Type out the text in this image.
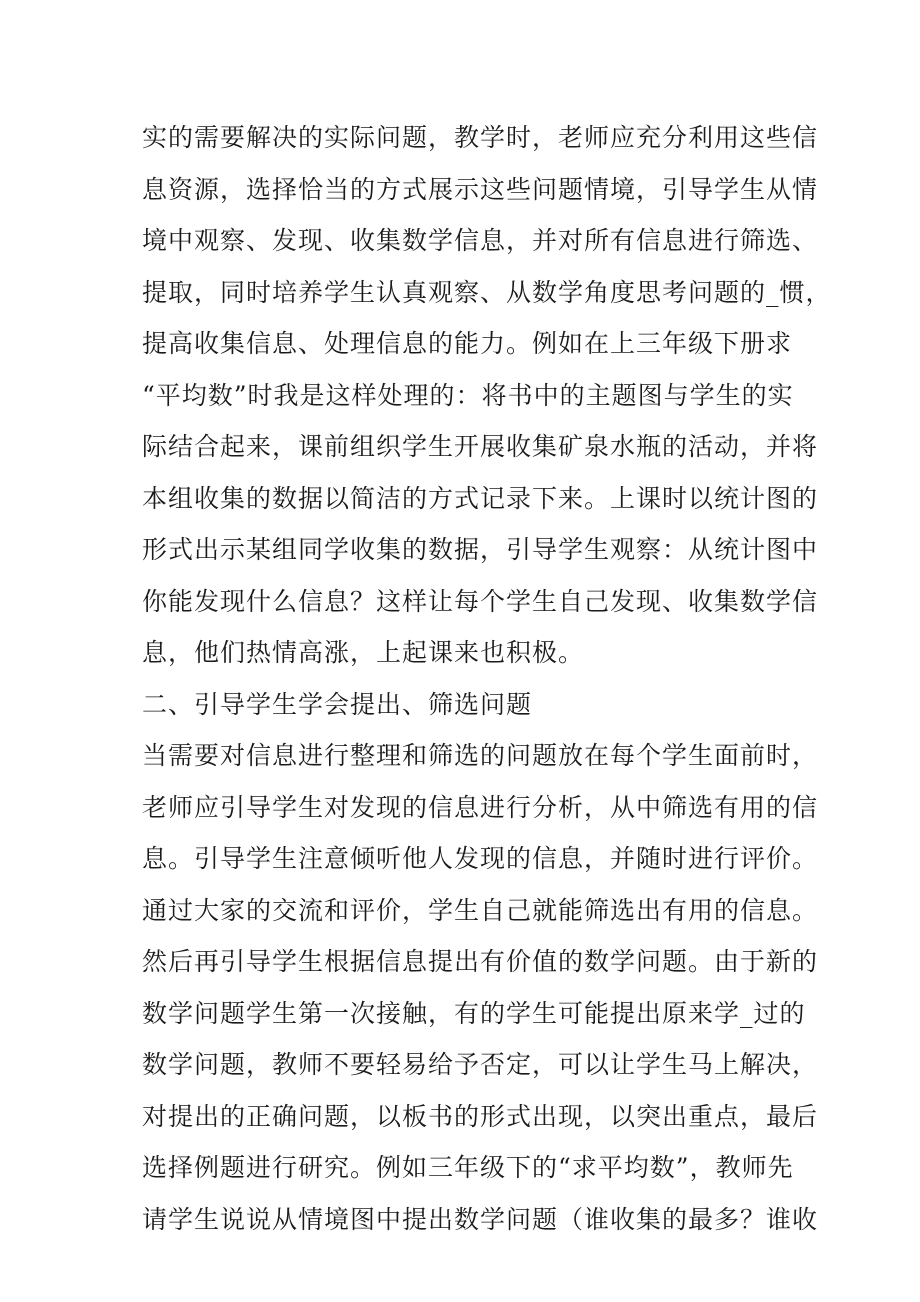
实的需要解决的实际问题，教学时，老师应充分利用这些信
息资源，选择恰当的方式展示这些问题情境，引导学生从情
境中观察、发现、收集数学信息，并对所有信息进行筛选、
提取，同时培养学生认真观察、从数学角度思考问题的_惯，
提高收集信息、处理信息的能力。例如在上三年级下册求
“平均数”时我是这样处理的：将书中的主题图与学生的实
际结合起来，课前组织学生开展收集矿泉水瓶的活动，并将
本组收集的数据以简洁的方式记录下来。上课时以统计图的
形式出示某组同学收集的数据，引导学生观察：从统计图中
你能发现什么信息？这样让每个学生自己发现、收集数学信
息，他们热情高涨，上起课来也积极。
二、引导学生学会提出、筛选问题
当需要对信息进行整理和筛选的问题放在每个学生面前时，
老师应引导学生对发现的信息进行分析，从中筛选有用的信
息。引导学生注意倾听他人发现的信息，并随时进行评价。
通过大家的交流和评价，学生自己就能筛选出有用的信息。
然后再引导学生根据信息提出有价值的数学问题。由于新的
数学问题学生第一次接触，有的学生可能提出原来学_过的
数学问题，教师不要轻易给予否定，可以让学生马上解决，
对提出的正确问题，以板书的形式出现，以突出重点，最后
选择例题进行研究。例如三年级下的“求平均数”，教师先
请学生说说从情境图中提出数学问题（谁收集的最多？谁收
